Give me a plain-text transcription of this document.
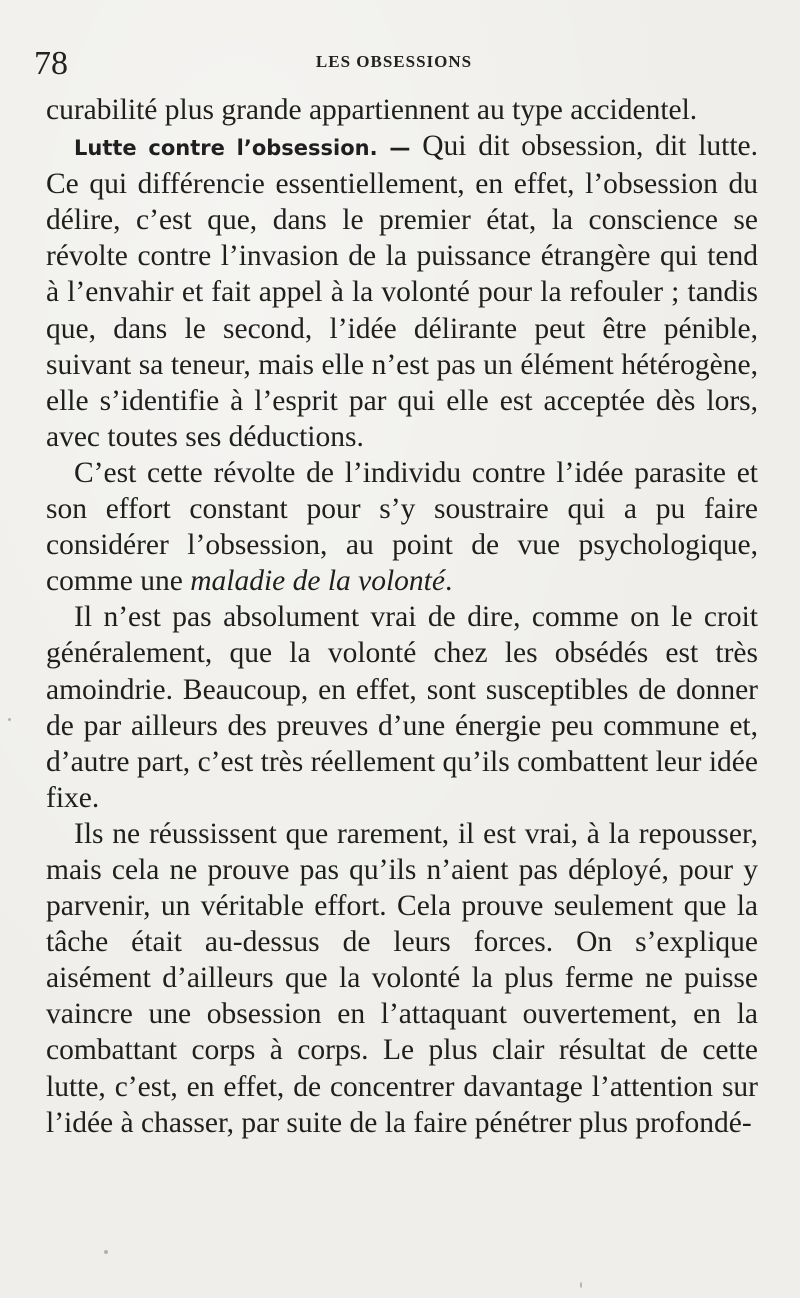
78	LES OBSESSIONS

curabilité plus grande appartiennent au type accidentel.

Lutte contre l’obsession. — Qui dit obsession, dit lutte. Ce qui différencie essentiellement, en effet, l’obsession du délire, c’est que, dans le premier état, la conscience se révolte contre l’invasion de la puissance étrangère qui tend à l’envahir et fait appel à la volonté pour la refouler ; tandis que, dans le second, l’idée délirante peut être pénible, suivant sa teneur, mais elle n’est pas un élément hétérogène, elle s’identifie à l’esprit par qui elle est acceptée dès lors, avec toutes ses déductions.

C’est cette révolte de l’individu contre l’idée parasite et son effort constant pour s’y soustraire qui a pu faire considérer l’obsession, au point de vue psychologique, comme une maladie de la volonté.

Il n’est pas absolument vrai de dire, comme on le croit généralement, que la volonté chez les obsédés est très amoindrie. Beaucoup, en effet, sont susceptibles de donner de par ailleurs des preuves d’une énergie peu commune et, d’autre part, c’est très réellement qu’ils combattent leur idée fixe.

Ils ne réussissent que rarement, il est vrai, à la repousser, mais cela ne prouve pas qu’ils n’aient pas déployé, pour y parvenir, un véritable effort. Cela prouve seulement que la tâche était au-dessus de leurs forces. On s’explique aisément d’ailleurs que la volonté la plus ferme ne puisse vaincre une obsession en l’attaquant ouvertement, en la combattant corps à corps. Le plus clair résultat de cette lutte, c’est, en effet, de concentrer davantage l’attention sur l’idée à chasser, par suite de la faire pénétrer plus profondé-
